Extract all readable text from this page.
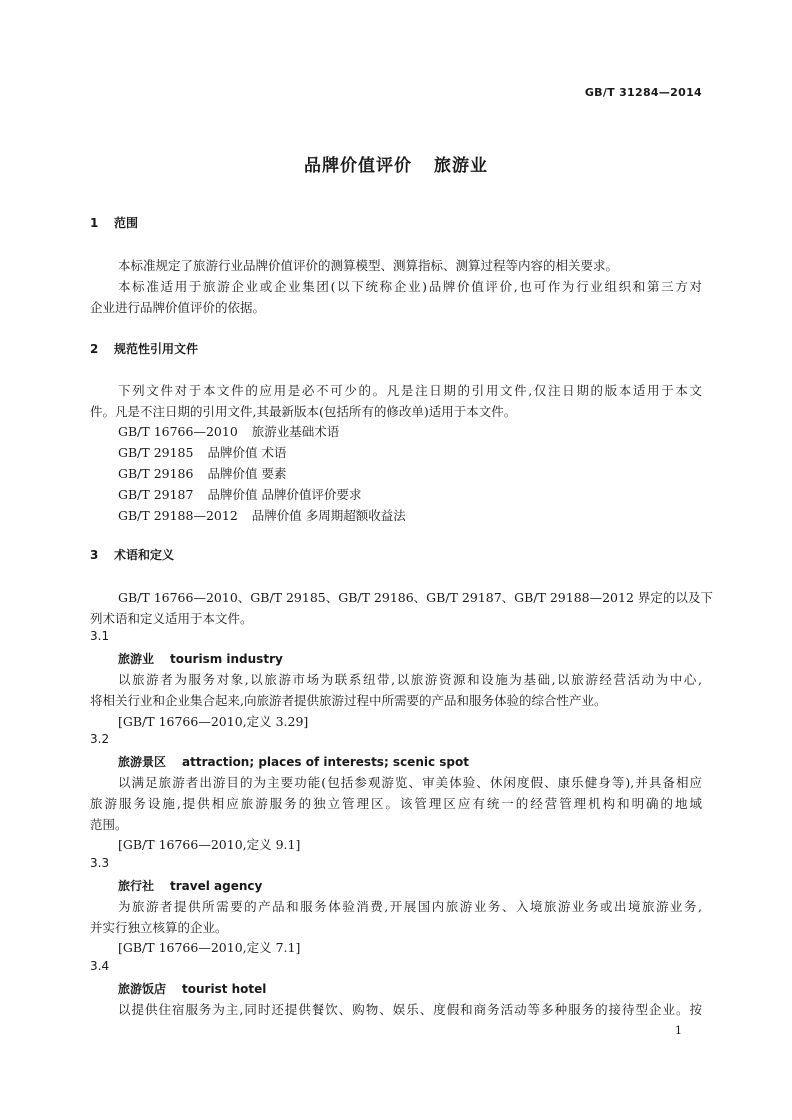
GB/T 31284—2014
品牌价值评价 旅游业
1 范围
本标准规定了旅游行业品牌价值评价的测算模型、测算指标、测算过程等内容的相关要求。
本标准适用于旅游企业或企业集团(以下统称企业)品牌价值评价,也可作为行业组织和第三方对
企业进行品牌价值评价的依据。
2 规范性引用文件
下列文件对于本文件的应用是必不可少的。凡是注日期的引用文件,仅注日期的版本适用于本文
件。凡是不注日期的引用文件,其最新版本(包括所有的修改单)适用于本文件。
GB/T 16766—2010 旅游业基础术语
GB/T 29185 品牌价值 术语
GB/T 29186 品牌价值 要素
GB/T 29187 品牌价值 品牌价值评价要求
GB/T 29188—2012 品牌价值 多周期超额收益法
3 术语和定义
GB/T 16766—2010、GB/T 29185、GB/T 29186、GB/T 29187、GB/T 29188—2012 界定的以及下
列术语和定义适用于本文件。
3.1
旅游业 tourism industry
以旅游者为服务对象,以旅游市场为联系纽带,以旅游资源和设施为基础,以旅游经营活动为中心,
将相关行业和企业集合起来,向旅游者提供旅游过程中所需要的产品和服务体验的综合性产业。
[GB/T 16766—2010,定义 3.29]
3.2
旅游景区 attraction; places of interests; scenic spot
以满足旅游者出游目的为主要功能(包括参观游览、审美体验、休闲度假、康乐健身等),并具备相应
旅游服务设施,提供相应旅游服务的独立管理区。该管理区应有统一的经营管理机构和明确的地域
范围。
[GB/T 16766—2010,定义 9.1]
3.3
旅行社 travel agency
为旅游者提供所需要的产品和服务体验消费,开展国内旅游业务、入境旅游业务或出境旅游业务,
并实行独立核算的企业。
[GB/T 16766—2010,定义 7.1]
3.4
旅游饭店 tourist hotel
以提供住宿服务为主,同时还提供餐饮、购物、娱乐、度假和商务活动等多种服务的接待型企业。按
1
